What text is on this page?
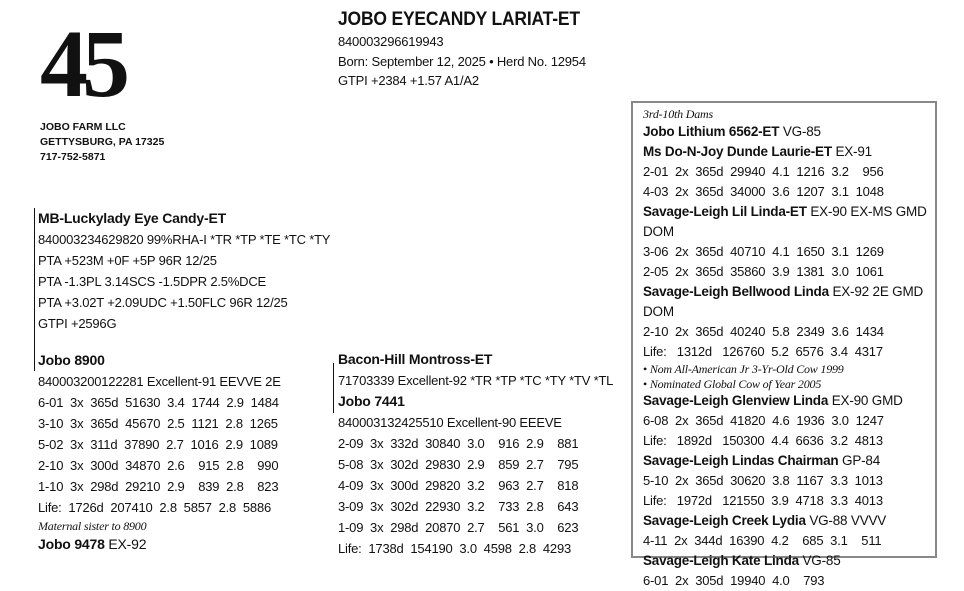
45
JOBO FARM LLC
GETTYSBURG, PA 17325
717-752-5871
JOBO EYECANDY LARIAT-ET
840003296619943
Born: September 12, 2025 • Herd No. 12954
GTPI +2384 +1.57 A1/A2
MB-Luckylady Eye Candy-ET
840003234629820 99%RHA-I *TR *TP *TE *TC *TY
PTA +523M +0F +5P 96R 12/25
PTA -1.3PL 3.14SCS -1.5DPR 2.5%DCE
PTA +3.02T +2.09UDC +1.50FLC 96R 12/25
GTPI +2596G
Jobo 8900
840003200122281 Excellent-91 EEVVE 2E
6-01  3x  365d  51630  3.4  1744  2.9  1484
3-10  3x  365d  45670  2.5  1121  2.8  1265
5-02  3x  311d  37890  2.7  1016  2.9  1089
2-10  3x  300d  34870  2.6    915  2.8    990
1-10  3x  298d  29210  2.9    839  2.8    823
Life:  1726d  207410  2.8  5857  2.8  5886
Maternal sister to 8900
Jobo 9478 EX-92
Bacon-Hill Montross-ET
71703339 Excellent-92 *TR *TP *TC *TY *TV *TL
Jobo 7441
840003132425510 Excellent-90 EEEVE
2-09  3x  332d  30840  3.0    916  2.9    881
5-08  3x  302d  29830  2.9    859  2.7    795
4-09  3x  300d  29820  3.2    963  2.7    818
3-09  3x  302d  22930  3.2    733  2.8    643
1-09  3x  298d  20870  2.7    561  3.0    623
Life:  1738d  154190  3.0  4598  2.8  4293
3rd-10th Dams
Jobo Lithium 6562-ET VG-85
Ms Do-N-Joy Dunde Laurie-ET EX-91
2-01  2x  365d  29940  4.1  1216  3.2    956
4-03  2x  365d  34000  3.6  1207  3.1  1048
Savage-Leigh Lil Linda-ET EX-90 EX-MS GMD DOM
3-06  2x  365d  40710  4.1  1650  3.1  1269
2-05  2x  365d  35860  3.9  1381  3.0  1061
Savage-Leigh Bellwood Linda EX-92 2E GMD DOM
2-10  2x  365d  40240  5.8  2349  3.6  1434
Life:   1312d   126760  5.2  6576  3.4  4317
• Nom All-American Jr 3-Yr-Old Cow 1999
• Nominated Global Cow of Year 2005
Savage-Leigh Glenview Linda EX-90 GMD
6-08  2x  365d  41820  4.6  1936  3.0  1247
Life:   1892d   150300  4.4  6636  3.2  4813
Savage-Leigh Lindas Chairman GP-84
5-10  2x  365d  30620  3.8  1167  3.3  1013
Life:   1972d   121550  3.9  4718  3.3  4013
Savage-Leigh Creek Lydia VG-88 VVVV
4-11  2x  344d  16390  4.2    685  3.1    511
Savage-Leigh Kate Linda VG-85
6-01  2x  305d  19940  4.0    793
